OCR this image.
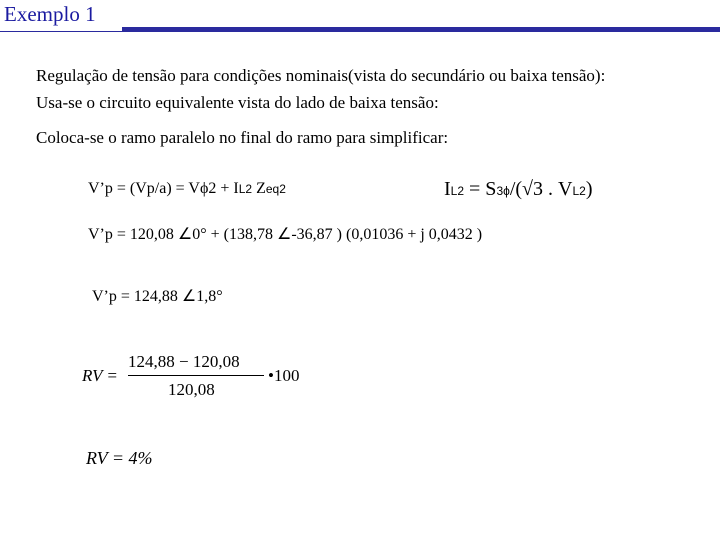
Exemplo 1
Regulação de tensão para condições nominais(vista do secundário ou baixa tensão):
Usa-se o circuito equivalente vista do lado de baixa tensão:
Coloca-se o ramo paralelo no final do ramo para simplificar:
V’p = (Vp/a) = Vϕ2 + IL2 Zeq2	IL2 = S3ϕ/(√3 . VL2)
V’p = 120,08 ∠0° + (138,78 ∠-36,87 ) (0,01036 + j 0,0432 )
V’p = 124,88 ∠1,8°
RV =
124,88 − 120,08
120,08
•100
RV = 4%
